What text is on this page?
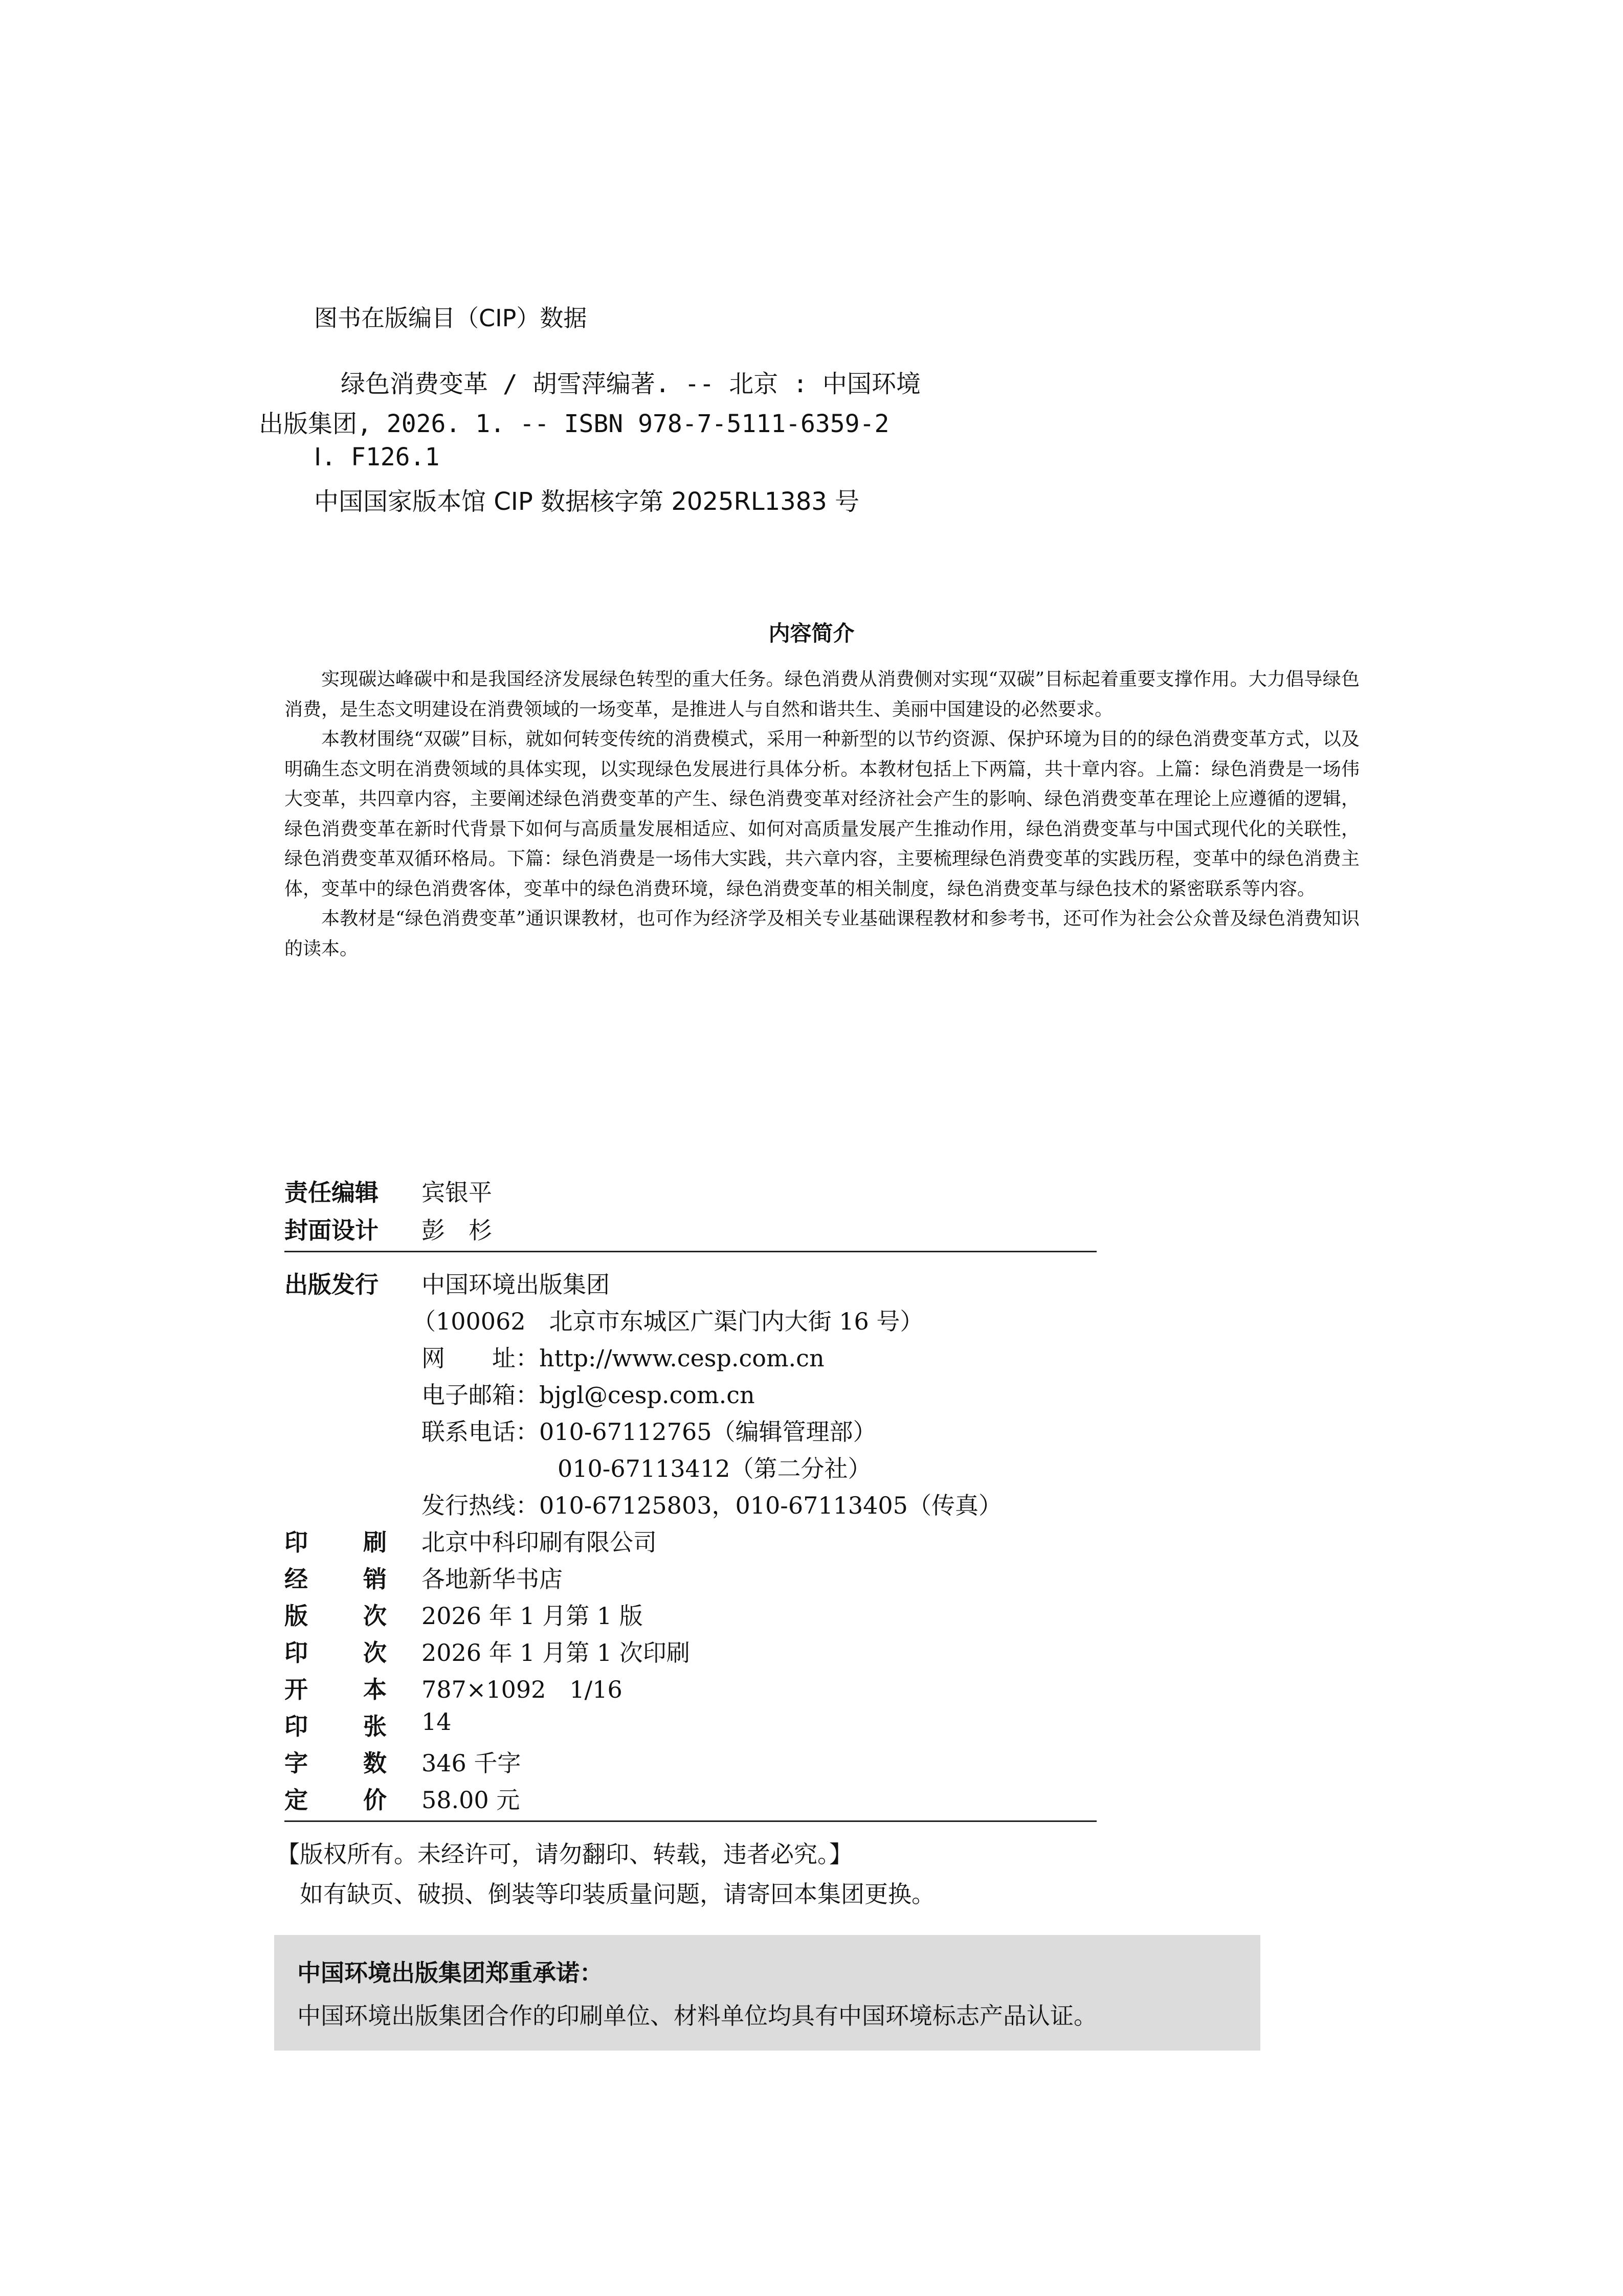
图书在版编目（CIP）数据
绿色消费变革 / 胡雪萍编著. -- 北京 : 中国环境
出版集团, 2026. 1. -- ISBN 978-7-5111-6359-2
Ⅰ. F126.1
中国国家版本馆 CIP 数据核字第 2025RL1383 号
内容简介

实现碳达峰碳中和是我国经济发展绿色转型的重大任务。绿色消费从消费侧对实现“双碳”目标起着重要支撑作用。大力倡导绿色消费，是生态文明建设在消费领域的一场变革，是推进人与自然和谐共生、美丽中国建设的必然要求。

本教材围绕“双碳”目标，就如何转变传统的消费模式，采用一种新型的以节约资源、保护环境为目的的绿色消费变革方式，以及明确生态文明在消费领域的具体实现，以实现绿色发展进行具体分析。本教材包括上下两篇，共十章内容。上篇：绿色消费是一场伟大变革，共四章内容，主要阐述绿色消费变革的产生、绿色消费变革对经济社会产生的影响、绿色消费变革在理论上应遵循的逻辑，绿色消费变革在新时代背景下如何与高质量发展相适应、如何对高质量发展产生推动作用，绿色消费变革与中国式现代化的关联性，绿色消费变革双循环格局。下篇：绿色消费是一场伟大实践，共六章内容，主要梳理绿色消费变革的实践历程，变革中的绿色消费主体，变革中的绿色消费客体，变革中的绿色消费环境，绿色消费变革的相关制度，绿色消费变革与绿色技术的紧密联系等内容。

本教材是“绿色消费变革”通识课教材，也可作为经济学及相关专业基础课程教材和参考书，还可作为社会公众普及绿色消费知识的读本。

责任编辑 宾银平
封面设计 彭　杉
出版发行 中国环境出版集团
（100062　北京市东城区广渠门内大街 16 号）
网　　址：http://www.cesp.com.cn
电子邮箱：bjgl@cesp.com.cn
联系电话：010-67112765（编辑管理部）
010-67113412（第二分社）
发行热线：010-67125803，010-67113405（传真）
印 刷 北京中科印刷有限公司
经 销 各地新华书店
版 次 2026 年 1 月第 1 版
印 次 2026 年 1 月第 1 次印刷
开 本 787×1092　1/16
印 张 14
字 数 346 千字
定 价 58.00 元
【版权所有。未经许可，请勿翻印、转载，违者必究。】
如有缺页、破损、倒装等印装质量问题，请寄回本集团更换。
中国环境出版集团郑重承诺：
中国环境出版集团合作的印刷单位、材料单位均具有中国环境标志产品认证。
